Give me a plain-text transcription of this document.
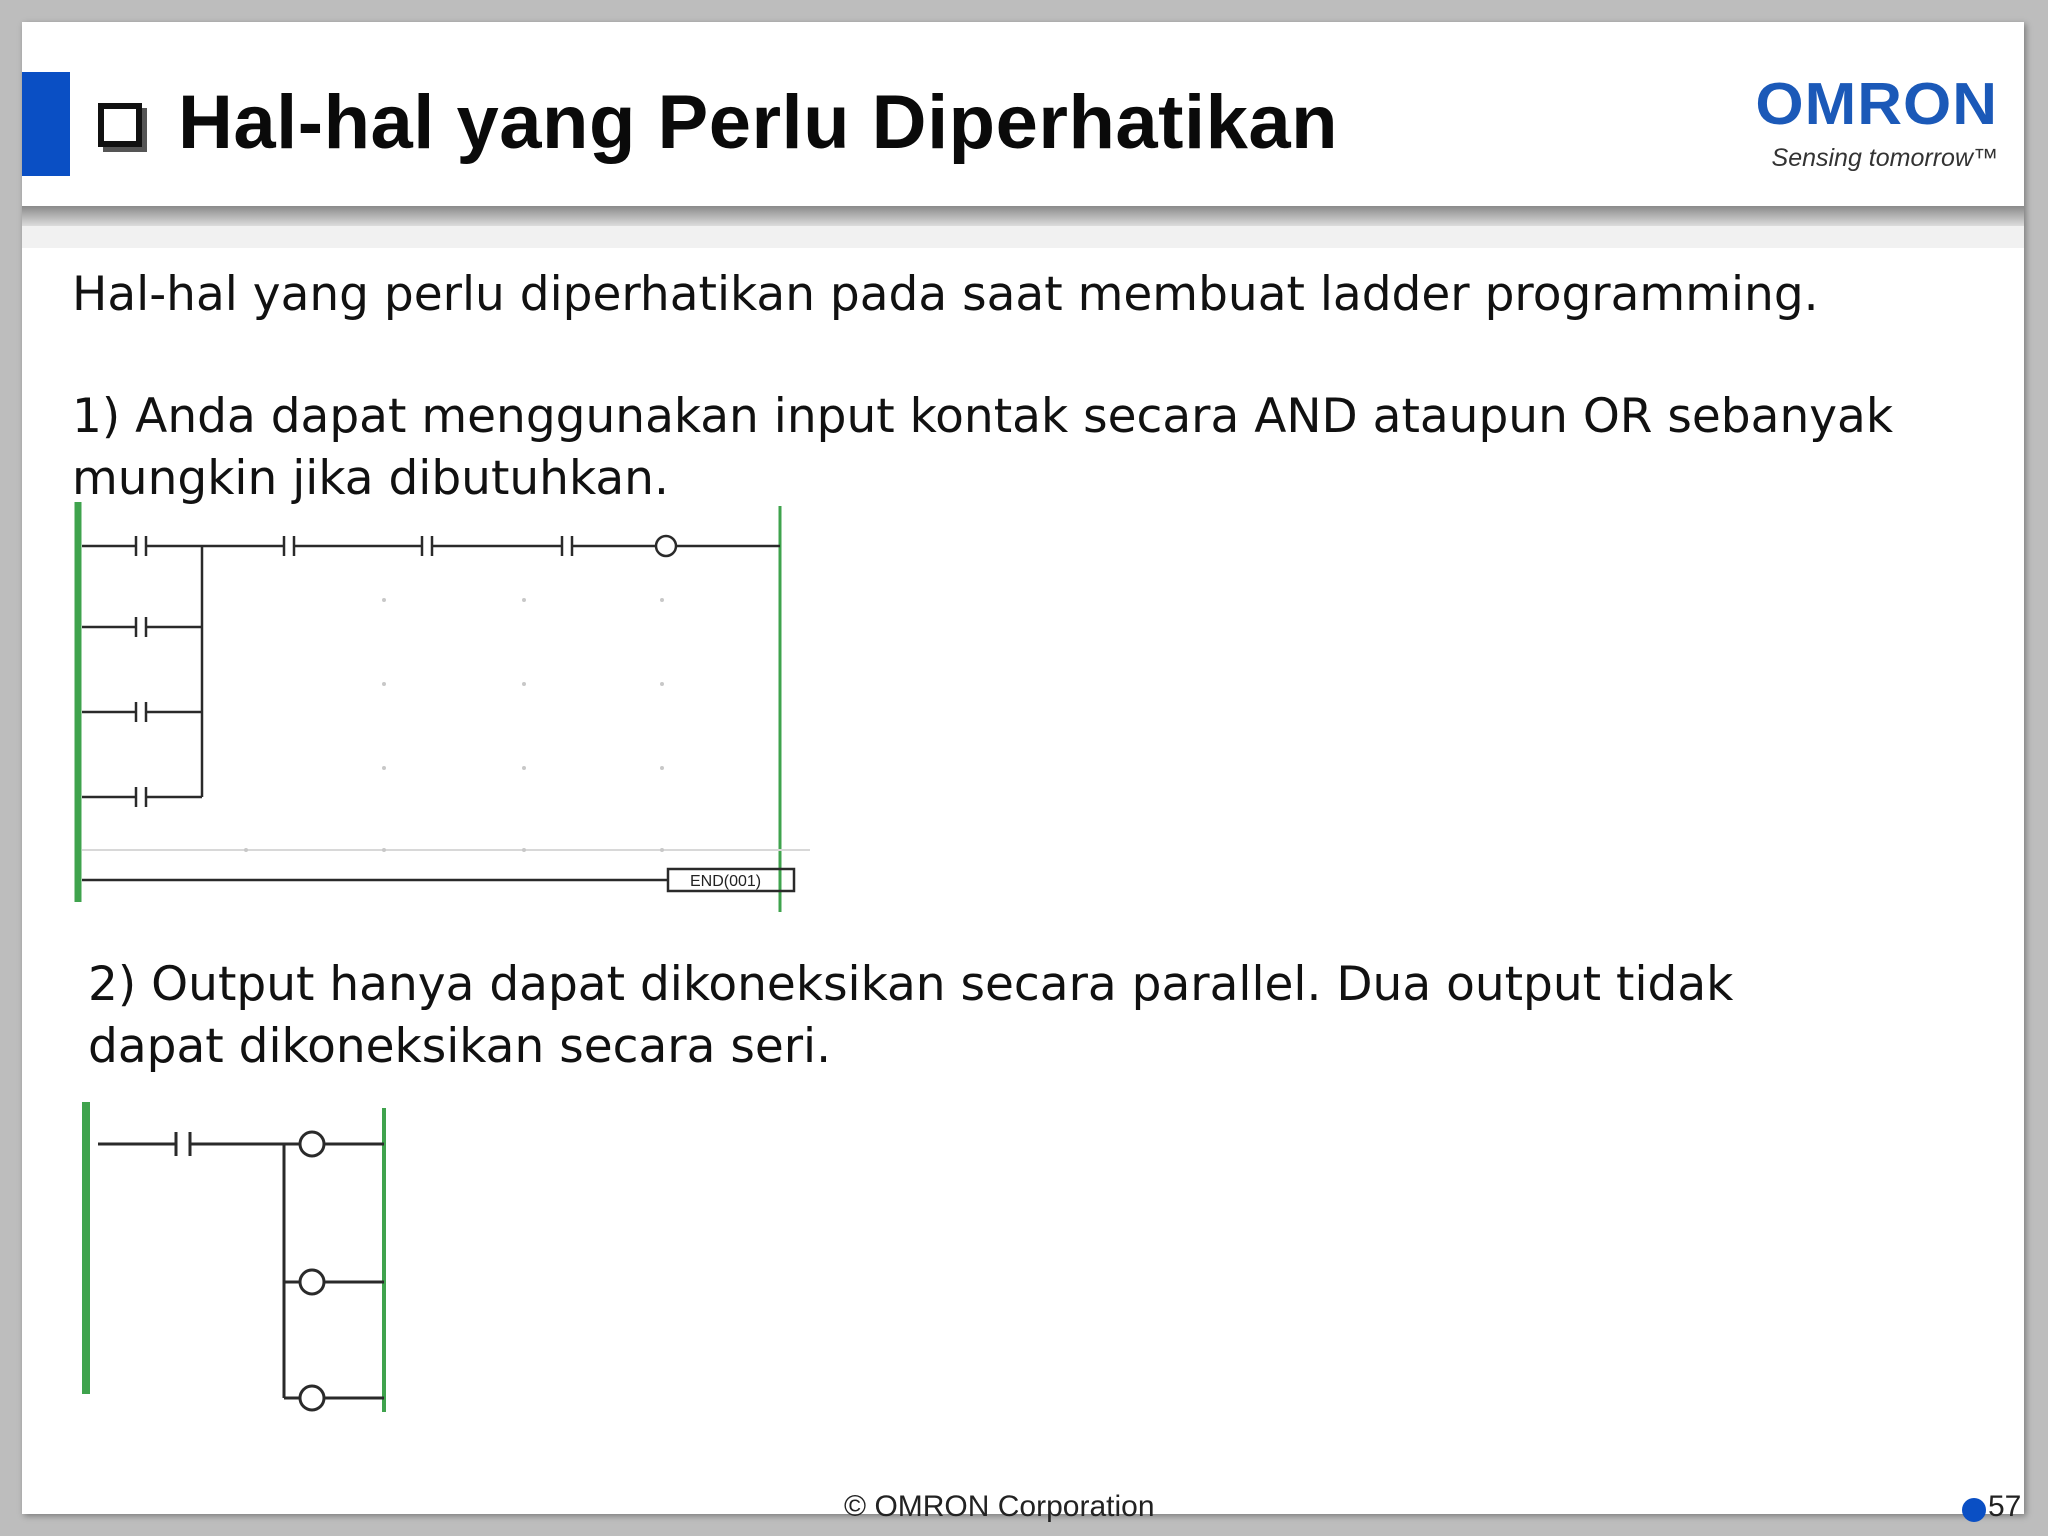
Hal-hal yang Perlu Diperhatikan	OMRON
Sensing tomorrow™
Hal-hal yang perlu diperhatikan pada saat membuat ladder programming.
1) Anda dapat menggunakan input kontak secara AND ataupun OR sebanyak
mungkin jika dibutuhkan.
END(001)
2) Output hanya dapat dikoneksikan secara parallel. Dua output tidak
dapat dikoneksikan secara seri.
© OMRON Corporation	57
